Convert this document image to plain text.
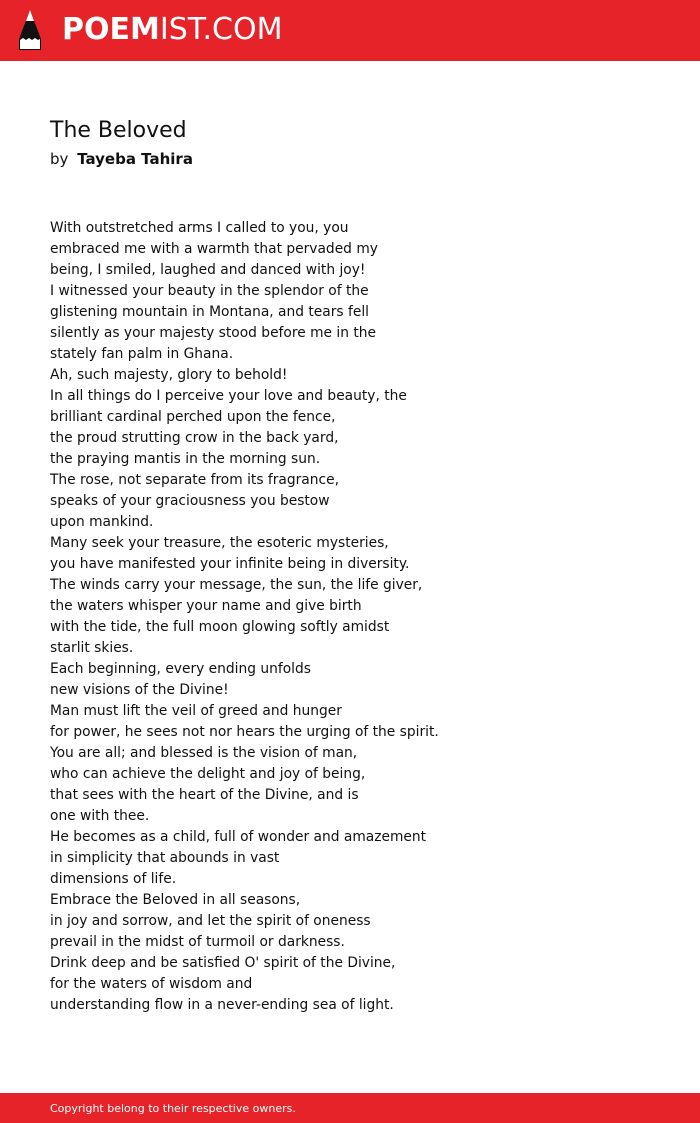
POEMIST.COM
The Beloved
by Tayeba Tahira
With outstretched arms I called to you, you
embraced me with a warmth that pervaded my
being, I smiled, laughed and danced with joy!
I witnessed your beauty in the splendor of the
glistening mountain in Montana, and tears fell
silently as your majesty stood before me in the
stately fan palm in Ghana.
Ah, such majesty, glory to behold!
In all things do I perceive your love and beauty, the
brilliant cardinal perched upon the fence,
the proud strutting crow in the back yard,
the praying mantis in the morning sun.
The rose, not separate from its fragrance,
speaks of your graciousness you bestow
upon mankind.
Many seek your treasure, the esoteric mysteries,
you have manifested your infinite being in diversity.
The winds carry your message, the sun, the life giver,
the waters whisper your name and give birth
with the tide, the full moon glowing softly amidst
starlit skies.
Each beginning, every ending unfolds
new visions of the Divine!
Man must lift the veil of greed and hunger
for power, he sees not nor hears the urging of the spirit.
You are all; and blessed is the vision of man,
who can achieve the delight and joy of being,
that sees with the heart of the Divine, and is
one with thee.
He becomes as a child, full of wonder and amazement
in simplicity that abounds in vast
dimensions of life.
Embrace the Beloved in all seasons,
in joy and sorrow, and let the spirit of oneness
prevail in the midst of turmoil or darkness.
Drink deep and be satisfied O' spirit of the Divine,
for the waters of wisdom and
understanding flow in a never-ending sea of light.
Copyright belong to their respective owners.
